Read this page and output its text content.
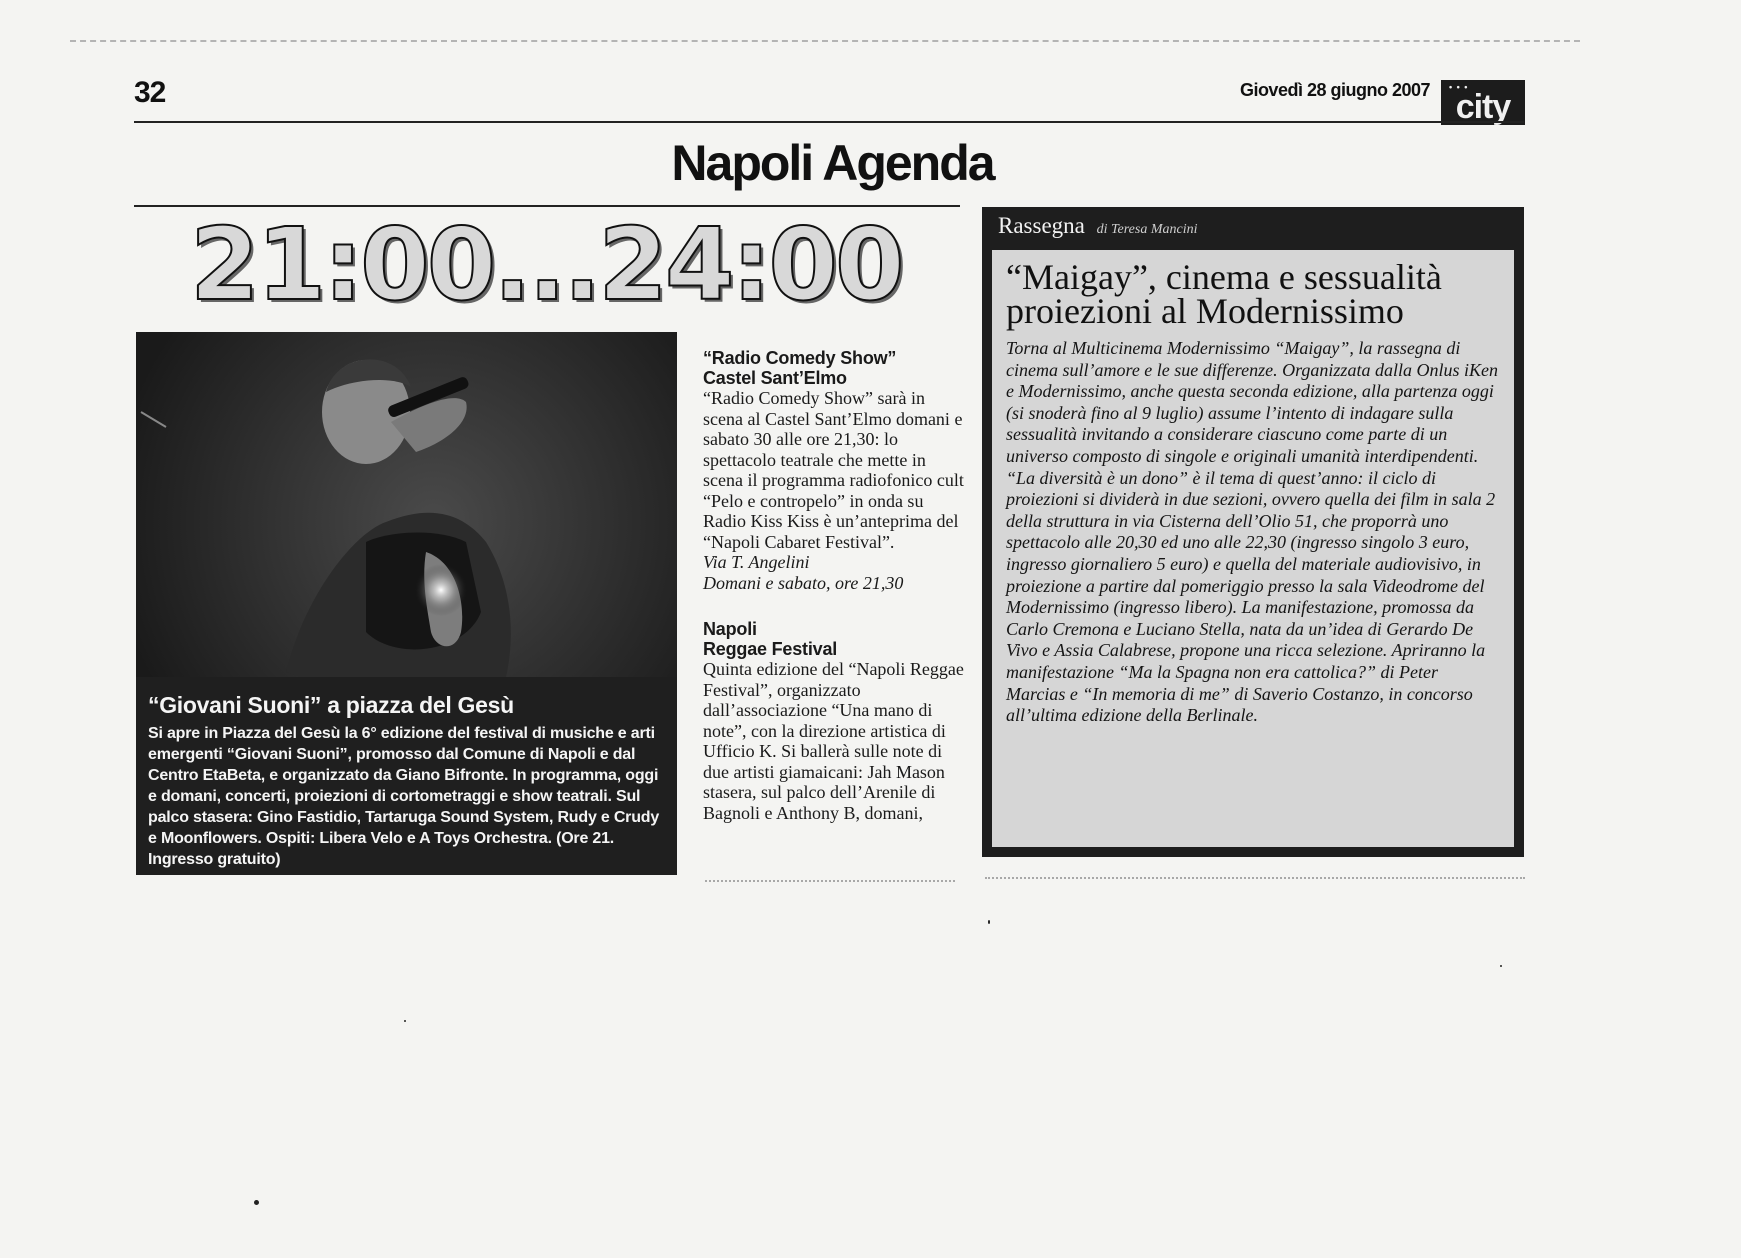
32	Giovedì 28 giugno 2007 • • •
city
Napoli Agenda
21:00...24:00

“Giovani Suoni” a piazza del Gesù

Si apre in Piazza del Gesù la 6° edizione del festival di musiche e arti emergenti “Giovani Suoni”, promosso dal Comune di Napoli e dal Centro EtaBeta, e organizzato da Giano Bifronte. In programma, oggi e domani, concerti, proiezioni di cortometraggi e show teatrali. Sul palco stasera: Gino Fastidio, Tartaruga Sound System, Rudy e Crudy e Moonflowers. Ospiti: Libera Velo e A Toys Orchestra. (Ore 21. Ingresso gratuito)

“Radio Comedy Show”
Castel Sant’Elmo

“Radio Comedy Show” sarà in scena al Castel Sant’Elmo domani e sabato 30 alle ore 21,30: lo spettacolo teatrale che mette in scena il programma radiofonico cult “Pelo e contropelo” in onda su Radio Kiss Kiss è un’anteprima del “Napoli Cabaret Festival”.

Via T. Angelini

Domani e sabato, ore 21,30

Napoli
Reggae Festival

Quinta edizione del “Napoli Reggae Festival”, organizzato dall’associazione “Una mano di note”, con la direzione artistica di Ufficio K. Si ballerà sulle note di due artisti giamaicani: Jah Mason stasera, sul palco dell’Arenile di Bagnoli e Anthony B, domani,

Rassegna di Teresa Mancini
“Maigay”, cinema e sessualità proiezioni al Modernissimo

Torna al Multicinema Modernissimo “Maigay”, la rassegna di cinema sull’amore e le sue differenze. Organizzata dalla Onlus iKen e Modernissimo, anche questa seconda edizione, alla partenza oggi (si snoderà fino al 9 luglio) assume l’intento di indagare sulla sessualità invitando a considerare ciascuno come parte di un universo composto di singole e originali umanità interdipendenti. “La diversità è un dono” è il tema di quest’anno: il ciclo di proiezioni si dividerà in due sezioni, ovvero quella dei film in sala 2 della struttura in via Cisterna dell’Olio 51, che proporrà uno spettacolo alle 20,30 ed uno alle 22,30 (ingresso singolo 3 euro, ingresso giornaliero 5 euro) e quella del materiale audiovisivo, in proiezione a partire dal pomeriggio presso la sala Videodrome del Modernissimo (ingresso libero). La manifestazione, promossa da Carlo Cremona e Luciano Stella, nata da un’idea di Gerardo De Vivo e Assia Calabrese, propone una ricca selezione. Apriranno la manifestazione “Ma la Spagna non era cattolica?” di Peter Marcias e “In memoria di me” di Saverio Costanzo, in concorso all’ultima edizione della Berlinale.
